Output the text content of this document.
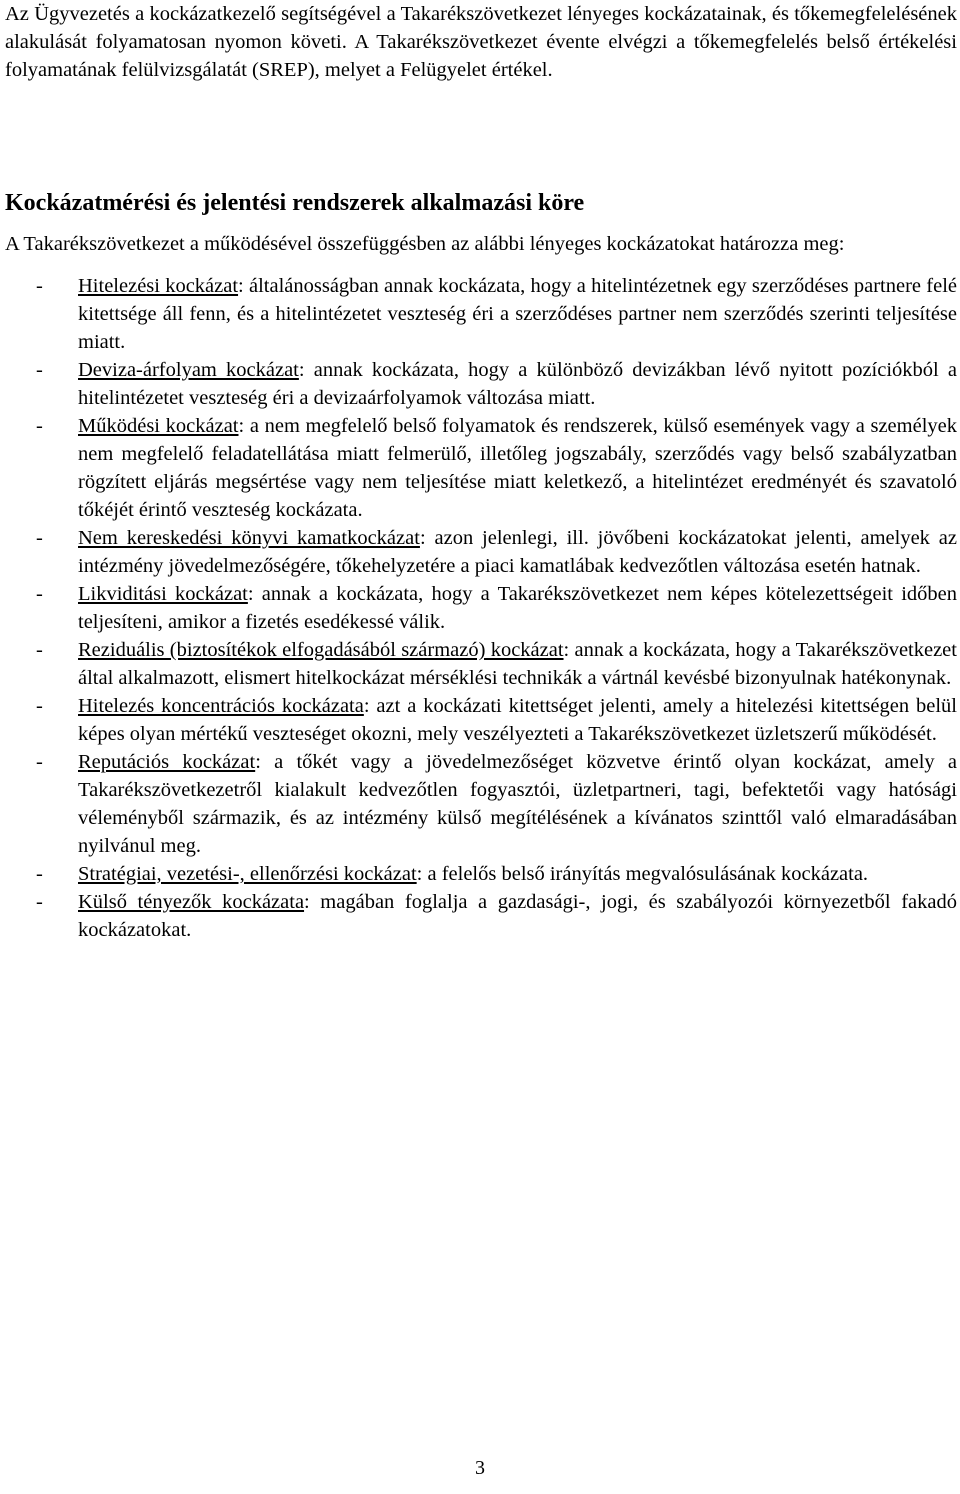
Az Ügyvezetés a kockázatkezelő segítségével a Takarékszövetkezet lényeges kockázatainak, és tőkemegfelelésének alakulását folyamatosan nyomon követi. A Takarékszövetkezet évente elvégzi a tőkemegfelelés belső értékelési folyamatának felülvizsgálatát (SREP), melyet a Felügyelet értékel.

Kockázatmérési és jelentési rendszerek alkalmazási köre

A Takarékszövetkezet a működésével összefüggésben az alábbi lényeges kockázatokat határozza meg:

- Hitelezési kockázat: általánosságban annak kockázata, hogy a hitelintézetnek egy szerződéses partnere felé kitettsége áll fenn, és a hitelintézetet veszteség éri a szerződéses partner nem szerződés szerinti teljesítése miatt.
- Deviza-árfolyam kockázat: annak kockázata, hogy a különböző devizákban lévő nyitott pozíciókból a hitelintézetet veszteség éri a devizaárfolyamok változása miatt.
- Működési kockázat: a nem megfelelő belső folyamatok és rendszerek, külső események vagy a személyek nem megfelelő feladatellátása miatt felmerülő, illetőleg jogszabály, szerződés vagy belső szabályzatban rögzített eljárás megsértése vagy nem teljesítése miatt keletkező, a hitelintézet eredményét és szavatoló tőkéjét érintő veszteség kockázata.
- Nem kereskedési könyvi kamatkockázat: azon jelenlegi, ill. jövőbeni kockázatokat jelenti, amelyek az intézmény jövedelmezőségére, tőkehelyzetére a piaci kamatlábak kedvezőtlen változása esetén hatnak.
- Likviditási kockázat: annak a kockázata, hogy a Takarékszövetkezet nem képes kötelezettségeit időben teljesíteni, amikor a fizetés esedékessé válik.
- Reziduális (biztosítékok elfogadásából származó) kockázat: annak a kockázata, hogy a Takarékszövetkezet által alkalmazott, elismert hitelkockázat mérséklési technikák a vártnál kevésbé bizonyulnak hatékonynak.
- Hitelezés koncentrációs kockázata: azt a kockázati kitettséget jelenti, amely a hitelezési kitettségen belül képes olyan mértékű veszteséget okozni, mely veszélyezteti a Takarékszövetkezet üzletszerű működését.
- Reputációs kockázat: a tőkét vagy a jövedelmezőséget közvetve érintő olyan kockázat, amely a Takarékszövetkezetről kialakult kedvezőtlen fogyasztói, üzletpartneri, tagi, befektetői vagy hatósági véleményből származik, és az intézmény külső megítélésének a kívánatos szinttől való elmaradásában nyilvánul meg.
- Stratégiai, vezetési-, ellenőrzési kockázat: a felelős belső irányítás megvalósulásának kockázata.
- Külső tényezők kockázata: magában foglalja a gazdasági-, jogi, és szabályozói környezetből fakadó kockázatokat.
3
